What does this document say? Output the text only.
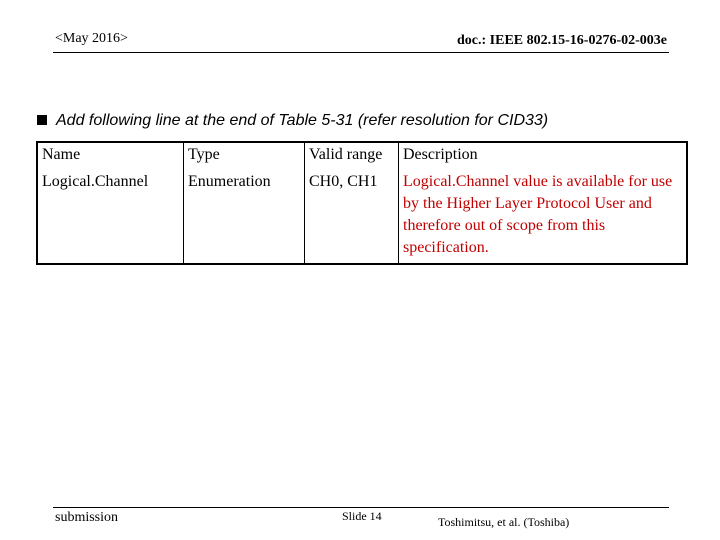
<May 2016>	doc.: IEEE 802.15-16-0276-02-003e
Add following line at the end of Table 5-31 (refer resolution for CID33)
Name	Type	Valid range	Description
Logical.Channel	Enumeration	CH0, CH1	Logical.Channel value is available for use by the Higher Layer Protocol User and therefore out of scope from this specification.
submission	Slide 14	Toshimitsu, et al. (Toshiba)
